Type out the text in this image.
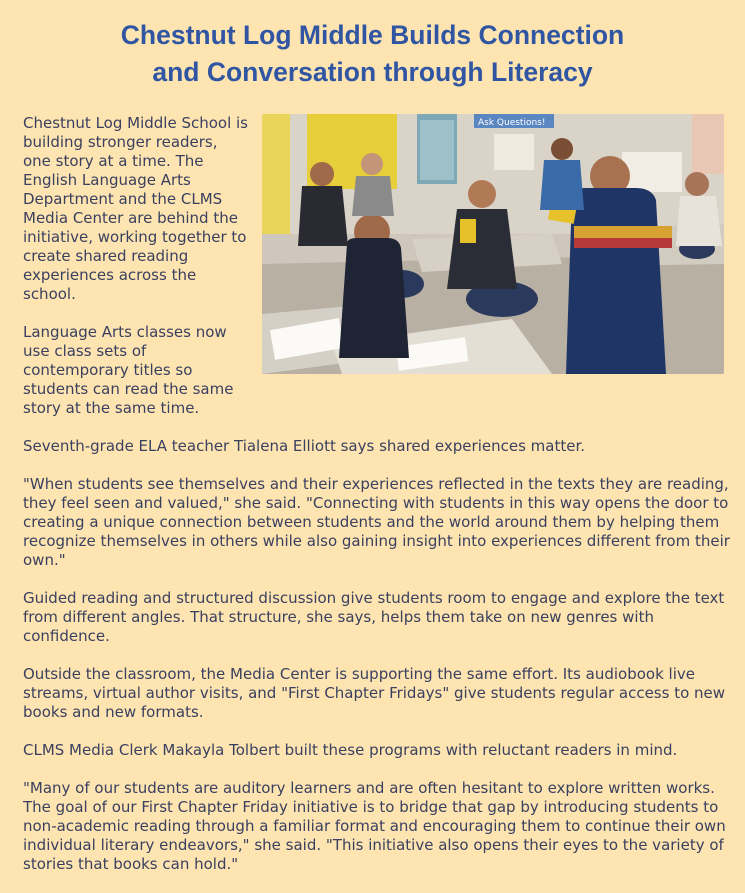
Chestnut Log Middle Builds Connection
and Conversation through Literacy
Ask Questions!

Chestnut Log Middle School is building stronger readers, one story at a time. The English Language Arts Department and the CLMS Media Center are behind the initiative, working together to create shared reading experiences across the school.

Language Arts classes now use class sets of contemporary titles so students can read the same story at the same time.

Seventh-grade ELA teacher Tialena Elliott says shared experiences matter.

"When students see themselves and their experiences reflected in the texts they are reading, they feel seen and valued," she said. "Connecting with students in this way opens the door to creating a unique connection between students and the world around them by helping them recognize themselves in others while also gaining insight into experiences different from their own."

Guided reading and structured discussion give students room to engage and explore the text from different angles. That structure, she says, helps them take on new genres with confidence.

Outside the classroom, the Media Center is supporting the same effort. Its audiobook live streams, virtual author visits, and "First Chapter Fridays" give students regular access to new books and new formats.

CLMS Media Clerk Makayla Tolbert built these programs with reluctant readers in mind.

"Many of our students are auditory learners and are often hesitant to explore written works. The goal of our First Chapter Friday initiative is to bridge that gap by introducing students to non-academic reading through a familiar format and encouraging them to continue their own individual literary endeavors," she said. "This initiative also opens their eyes to the variety of stories that books can hold."
